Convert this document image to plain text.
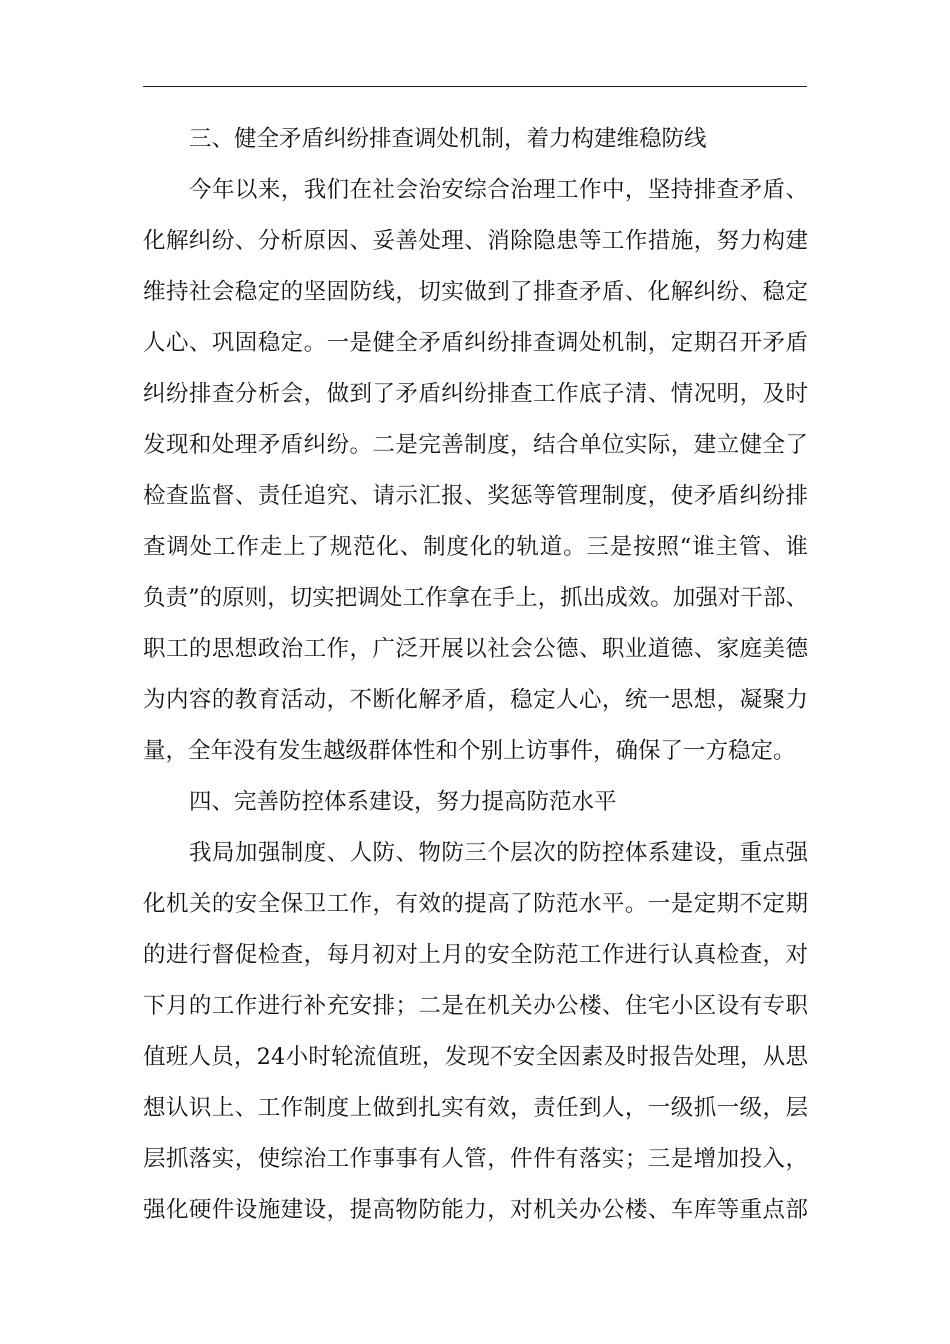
三、健全矛盾纠纷排查调处机制，着力构建维稳防线
今年以来，我们在社会治安综合治理工作中，坚持排查矛盾、
化解纠纷、分析原因、妥善处理、消除隐患等工作措施，努力构建
维持社会稳定的坚固防线，切实做到了排查矛盾、化解纠纷、稳定
人心、巩固稳定。一是健全矛盾纠纷排查调处机制，定期召开矛盾
纠纷排查分析会，做到了矛盾纠纷排查工作底子清、情况明，及时
发现和处理矛盾纠纷。二是完善制度，结合单位实际，建立健全了
检查监督、责任追究、请示汇报、奖惩等管理制度，使矛盾纠纷排
查调处工作走上了规范化、制度化的轨道。三是按照“谁主管、谁
负责”的原则，切实把调处工作拿在手上，抓出成效。加强对干部、
职工的思想政治工作，广泛开展以社会公德、职业道德、家庭美德
为内容的教育活动，不断化解矛盾，稳定人心，统一思想，凝聚力
量，全年没有发生越级群体性和个别上访事件，确保了一方稳定。
四、完善防控体系建设，努力提高防范水平
我局加强制度、人防、物防三个层次的防控体系建设，重点强
化机关的安全保卫工作，有效的提高了防范水平。一是定期不定期
的进行督促检查，每月初对上月的安全防范工作进行认真检查，对
下月的工作进行补充安排；二是在机关办公楼、住宅小区设有专职
值班人员，24小时轮流值班，发现不安全因素及时报告处理，从思
想认识上、工作制度上做到扎实有效，责任到人，一级抓一级，层
层抓落实，使综治工作事事有人管，件件有落实；三是增加投入，
强化硬件设施建设，提高物防能力，对机关办公楼、车库等重点部
